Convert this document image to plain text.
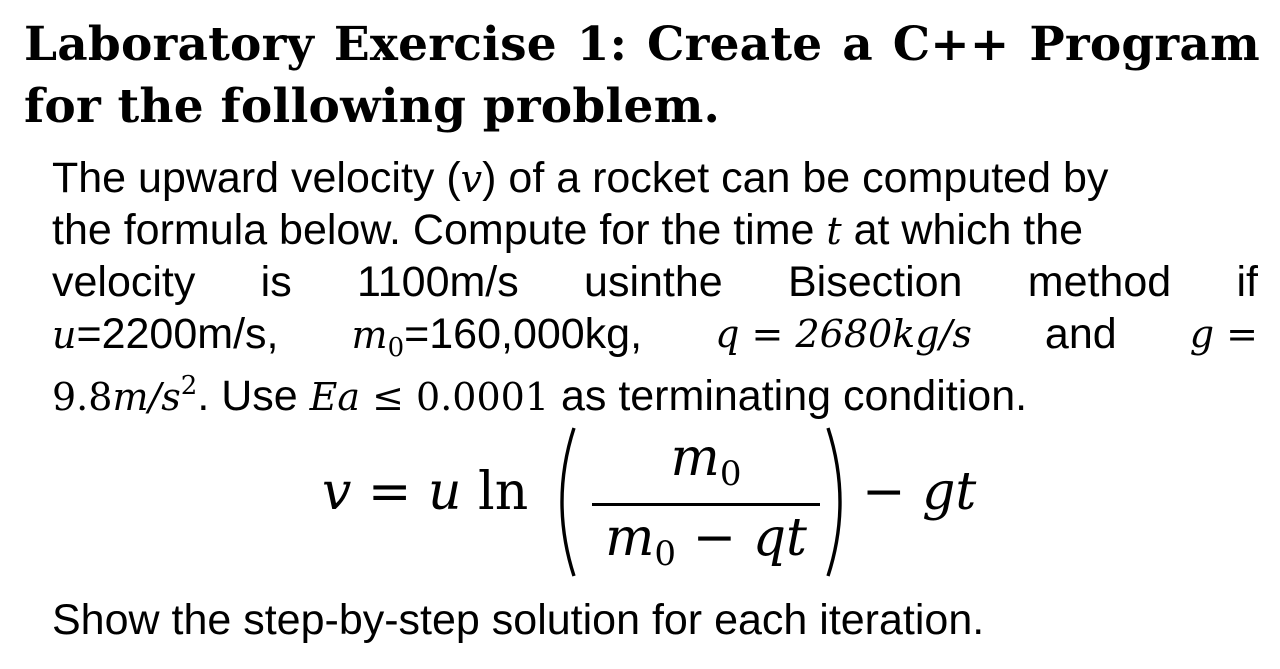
Laboratory Exercise 1: Create a C++ Program
for the following problem.
The upward velocity (v) of a rocket can be computed by
the formula below. Compute for the time t at which the
velocity is 1100m/s usinthe Bisection method if
u=2200m/s, $m_0=160,000kg$, q = 2680kg/s and g =
$9.8m/s^2$. Use Ea ≤ 0.0001 as terminating condition.
v = u ln
$m_0$
$m_0$ − qt
− gt
Show the step-by-step solution for each iteration.
